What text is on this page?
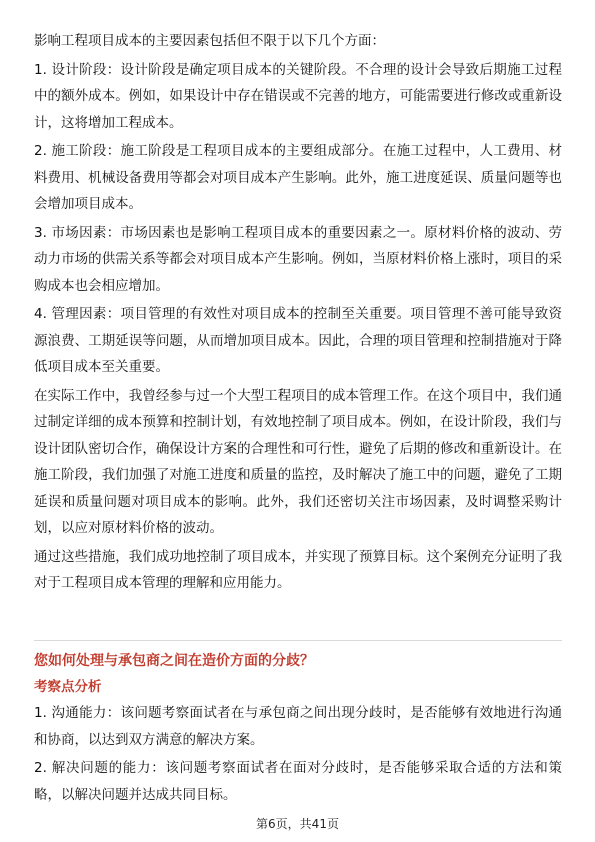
影响工程项目成本的主要因素包括但不限于以下几个方面：

1. 设计阶段：设计阶段是确定项目成本的关键阶段。不合理的设计会导致后期施工过程中的额外成本。例如，如果设计中存在错误或不完善的地方，可能需要进行修改或重新设计，这将增加工程成本。

2. 施工阶段：施工阶段是工程项目成本的主要组成部分。在施工过程中，人工费用、材料费用、机械设备费用等都会对项目成本产生影响。此外，施工进度延误、质量问题等也会增加项目成本。

3. 市场因素：市场因素也是影响工程项目成本的重要因素之一。原材料价格的波动、劳动力市场的供需关系等都会对项目成本产生影响。例如，当原材料价格上涨时，项目的采购成本也会相应增加。

4. 管理因素：项目管理的有效性对项目成本的控制至关重要。项目管理不善可能导致资源浪费、工期延误等问题，从而增加项目成本。因此，合理的项目管理和控制措施对于降低项目成本至关重要。

在实际工作中，我曾经参与过一个大型工程项目的成本管理工作。在这个项目中，我们通过制定详细的成本预算和控制计划，有效地控制了项目成本。例如，在设计阶段，我们与设计团队密切合作，确保设计方案的合理性和可行性，避免了后期的修改和重新设计。在施工阶段，我们加强了对施工进度和质量的监控，及时解决了施工中的问题，避免了工期延误和质量问题对项目成本的影响。此外，我们还密切关注市场因素，及时调整采购计划，以应对原材料价格的波动。

通过这些措施，我们成功地控制了项目成本，并实现了预算目标。这个案例充分证明了我对于工程项目成本管理的理解和应用能力。

您如何处理与承包商之间在造价方面的分歧？

考察点分析

1. 沟通能力：该问题考察面试者在与承包商之间出现分歧时，是否能够有效地进行沟通和协商，以达到双方满意的解决方案。

2. 解决问题的能力：该问题考察面试者在面对分歧时，是否能够采取合适的方法和策略，以解决问题并达成共同目标。

第6页，共41页
